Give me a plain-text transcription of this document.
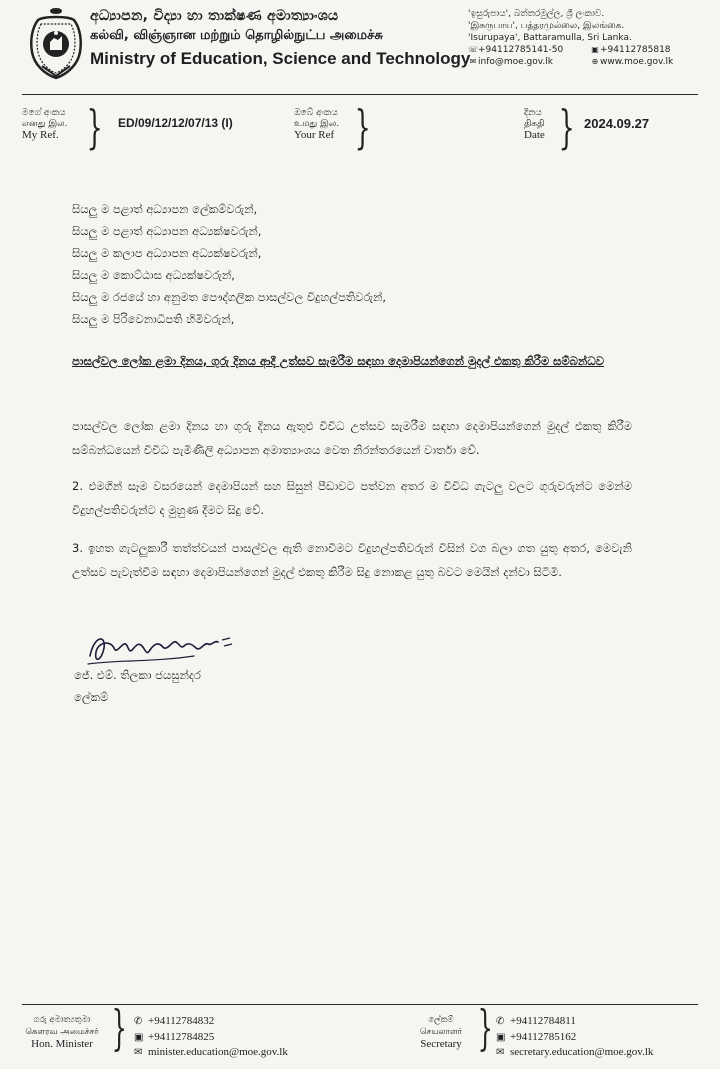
අධ්‍යාපන, විද්‍යා හා තාක්ෂණ අමාත්‍යාංශය
கல்வி, விஞ்ஞான மற்றும் தொழில்நுட்ப அமைச்சு
Ministry of Education, Science and Technology
'ඉසුරුපාය', බත්තරමුල්ල, ශ්‍රී ලංකාව.
'இசுருபாய', பத்தரமுல்லை, இலங்கை.
'Isurupaya', Battaramulla, Sri Lanka.
☏+94112785141-50	▣+94112785818
✉ info@moe.gov.lk	⊕ www.moe.gov.lk
මගේ අංකය
எனது இல.
My Ref. } ED/09/12/12/07/13 (I)
ඔබේ අංකය
உமது இல.
Your Ref }	දිනය
திகதி
Date } 2024.09.27
සියලු ම පළාත් අධ්‍යාපන ලේකම්වරුන්,
සියලු ම පළාත් අධ්‍යාපන අධ්‍යක්ෂවරුන්,
සියලු ම කලාප අධ්‍යාපන අධ්‍යක්ෂවරුන්,
සියලු ම කොට්ඨාස අධ්‍යක්ෂවරුන්,
සියලු ම රජයේ හා අනුමත පෞද්ගලික පාසල්වල විදුහල්පතිවරුන්,
සියලු ම පිරිවෙනාධිපති හිමිවරුන්,
පාසල්වල ලෝක ළමා දිනය, ගුරු දිනය ආදී උත්සව සැමරීම සඳහා දෙමාපියන්ගෙන් මුදල් එකතු කිරීම සම්බන්ධව
පාසල්වල ලෝක ළමා දිනය හා ගුරු දිනය ඇතුළු විවිධ උත්සව සැමරීම සඳහා දෙමාපියන්ගෙන් මුදල් එකතු කිරීම සම්බන්ධයෙන් විවිධ පැමිණිලි අධ්‍යාපන අමාත්‍යාංශය වෙත නිරන්තරයෙන් වාර්තා වේ.
2. එමගින් සෑම වසරයෙන් දෙමාපියන් සහ සිසුන් පීඩාවට පත්වන අතර ම විවිධ ගැටලු වලට ගුරුවරුන්ට මෙන්ම විදුහල්පතිවරුන්ට ද මුහුණ දීමට සිදු වේ.
3. ඉහත ගැටලුකාරී තත්ත්වයන් පාසල්වල ඇති නොවීමට විදුහල්පතිවරුන් විසින් වග බලා ගත යුතු අතර, මෙවැනි උත්සව පැවැත්වීම සඳහා දෙමාපියන්ගෙන් මුදල් එකතු කිරීම සිදු නොකළ යුතු බවට මෙයින් දන්වා සිටිමි.
ජේ. එම්. තිලකා ජයසුන්දර
ලේකම්
ගරු අමාත්‍යතුමා
கௌரவ அமைச்சர்
Hon. Minister } ✆ +94112784832
▣ +94112784825
✉ minister.education@moe.gov.lk
ලේකම්
செயலாளர்
Secretary } ✆ +94112784811
▣ +94112785162
✉ secretary.education@moe.gov.lk
